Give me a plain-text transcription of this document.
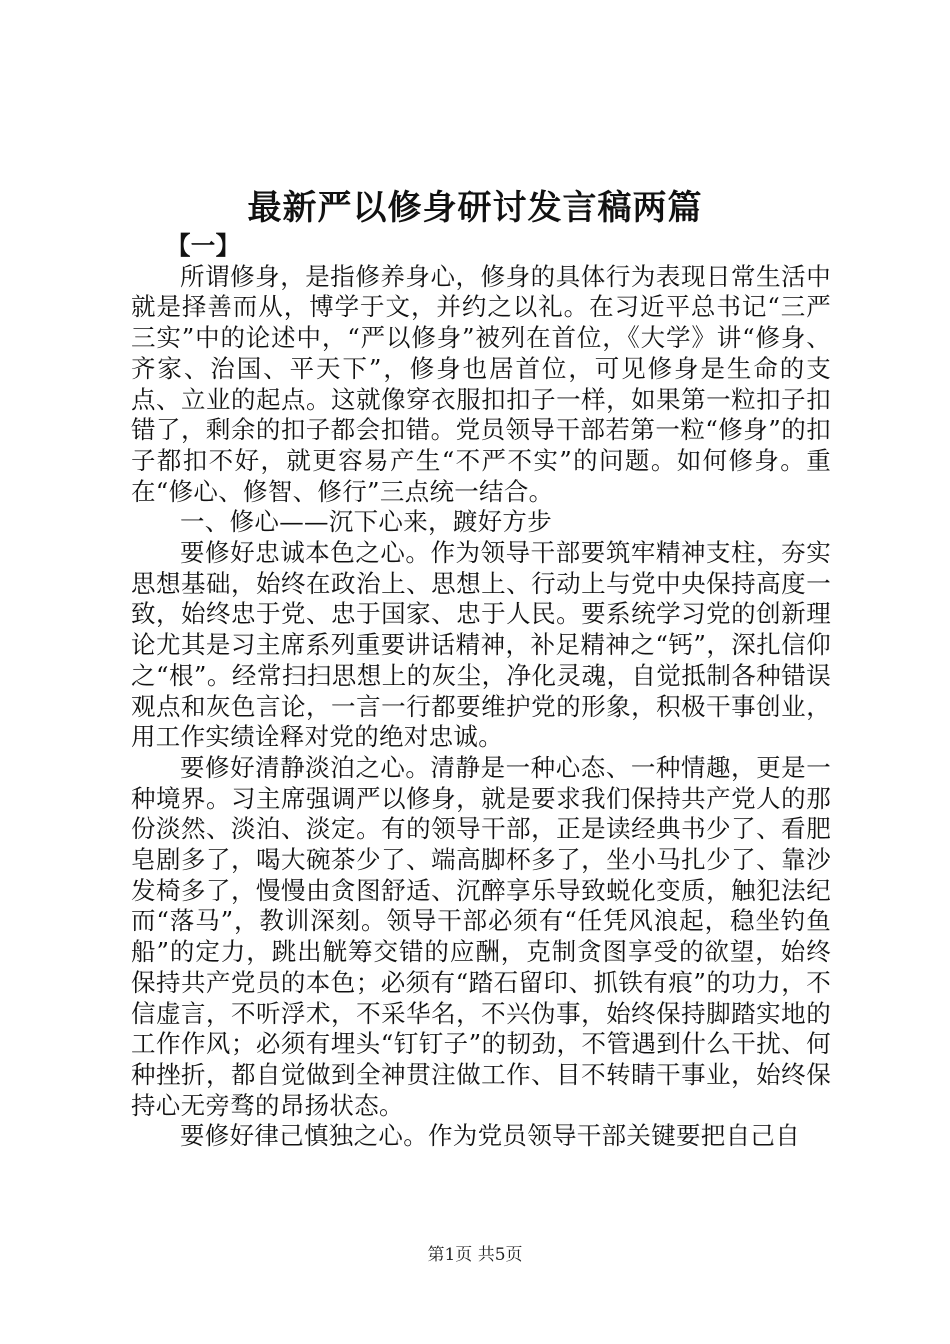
最新严以修身研讨发言稿两篇

【一】

所谓修身，是指修养身心，修身的具体行为表现日常生活中就是择善而从，博学于文，并约之以礼。在习近平总书记“三严三实”中的论述中，“严以修身”被列在首位，《大学》讲“修身、齐家、治国、平天下”，修身也居首位，可见修身是生命的支点、立业的起点。这就像穿衣服扣扣子一样，如果第一粒扣子扣错了，剩余的扣子都会扣错。党员领导干部若第一粒“修身”的扣子都扣不好，就更容易产生“不严不实”的问题。如何修身。重在“修心、修智、修行”三点统一结合。

一、修心——沉下心来，踱好方步

要修好忠诚本色之心。作为领导干部要筑牢精神支柱，夯实思想基础，始终在政治上、思想上、行动上与党中央保持高度一致，始终忠于党、忠于国家、忠于人民。要系统学习党的创新理论尤其是习主席系列重要讲话精神，补足精神之“钙”，深扎信仰之“根”。经常扫扫思想上的灰尘，净化灵魂，自觉抵制各种错误观点和灰色言论，一言一行都要维护党的形象，积极干事创业，用工作实绩诠释对党的绝对忠诚。

要修好清静淡泊之心。清静是一种心态、一种情趣，更是一种境界。习主席强调严以修身，就是要求我们保持共产党人的那份淡然、淡泊、淡定。有的领导干部，正是读经典书少了、看肥皂剧多了，喝大碗茶少了、端高脚杯多了，坐小马扎少了、靠沙发椅多了，慢慢由贪图舒适、沉醉享乐导致蜕化变质，触犯法纪而“落马”，教训深刻。领导干部必须有“任凭风浪起，稳坐钓鱼船”的定力，跳出觥筹交错的应酬，克制贪图享受的欲望，始终保持共产党员的本色；必须有“踏石留印、抓铁有痕”的功力，不信虚言，不听浮术，不采华名，不兴伪事，始终保持脚踏实地的工作作风；必须有埋头“钉钉子”的韧劲，不管遇到什么干扰、何种挫折，都自觉做到全神贯注做工作、目不转睛干事业，始终保持心无旁骛的昂扬状态。

要修好律己慎独之心。作为党员领导干部关键要把自己自

第1页 共5页
